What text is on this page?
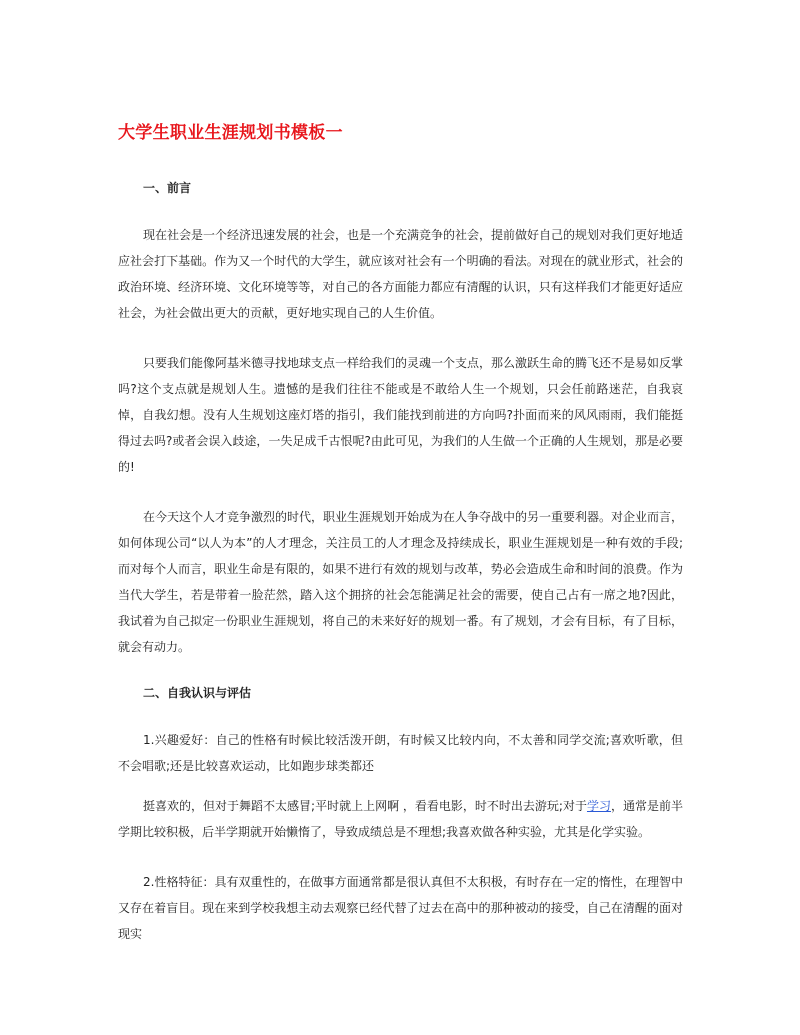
大学生职业生涯规划书模板一
一、前言

现在社会是一个经济迅速发展的社会，也是一个充满竞争的社会，提前做好自己的规划对我们更好地适应社会打下基础。作为又一个时代的大学生，就应该对社会有一个明确的看法。对现在的就业形式，社会的政治环境、经济环境、文化环境等等，对自己的各方面能力都应有清醒的认识，只有这样我们才能更好适应社会，为社会做出更大的贡献，更好地实现自己的人生价值。

只要我们能像阿基米德寻找地球支点一样给我们的灵魂一个支点，那么激跃生命的腾飞还不是易如反掌吗?这个支点就是规划人生。遗憾的是我们往往不能或是不敢给人生一个规划，只会任前路迷茫，自我哀悼，自我幻想。没有人生规划这座灯塔的指引，我们能找到前进的方向吗?扑面而来的风风雨雨，我们能挺得过去吗?或者会误入歧途，一失足成千古恨呢?由此可见，为我们的人生做一个正确的人生规划，那是必要的!

在今天这个人才竞争激烈的时代，职业生涯规划开始成为在人争夺战中的另一重要利器。对企业而言，如何体现公司“以人为本”的人才理念，关注员工的人才理念及持续成长，职业生涯规划是一种有效的手段;而对每个人而言，职业生命是有限的，如果不进行有效的规划与改革，势必会造成生命和时间的浪费。作为当代大学生，若是带着一脸茫然，踏入这个拥挤的社会怎能满足社会的需要，使自己占有一席之地?因此，我试着为自己拟定一份职业生涯规划，将自己的未来好好的规划一番。有了规划，才会有目标，有了目标，就会有动力。

二、自我认识与评估

1.兴趣爱好：自己的性格有时候比较活泼开朗，有时候又比较内向，不太善和同学交流;喜欢听歌，但不会唱歌;还是比较喜欢运动，比如跑步球类都还

挺喜欢的，但对于舞蹈不太感冒;平时就上上网啊 ，看看电影，时不时出去游玩;对于学习，通常是前半学期比较积极，后半学期就开始懒惰了，导致成绩总是不理想;我喜欢做各种实验，尤其是化学实验。

2.性格特征：具有双重性的，在做事方面通常都是很认真但不太积极，有时存在一定的惰性，在理智中又存在着盲目。现在来到学校我想主动去观察已经代替了过去在高中的那种被动的接受，自己在清醒的面对现实
